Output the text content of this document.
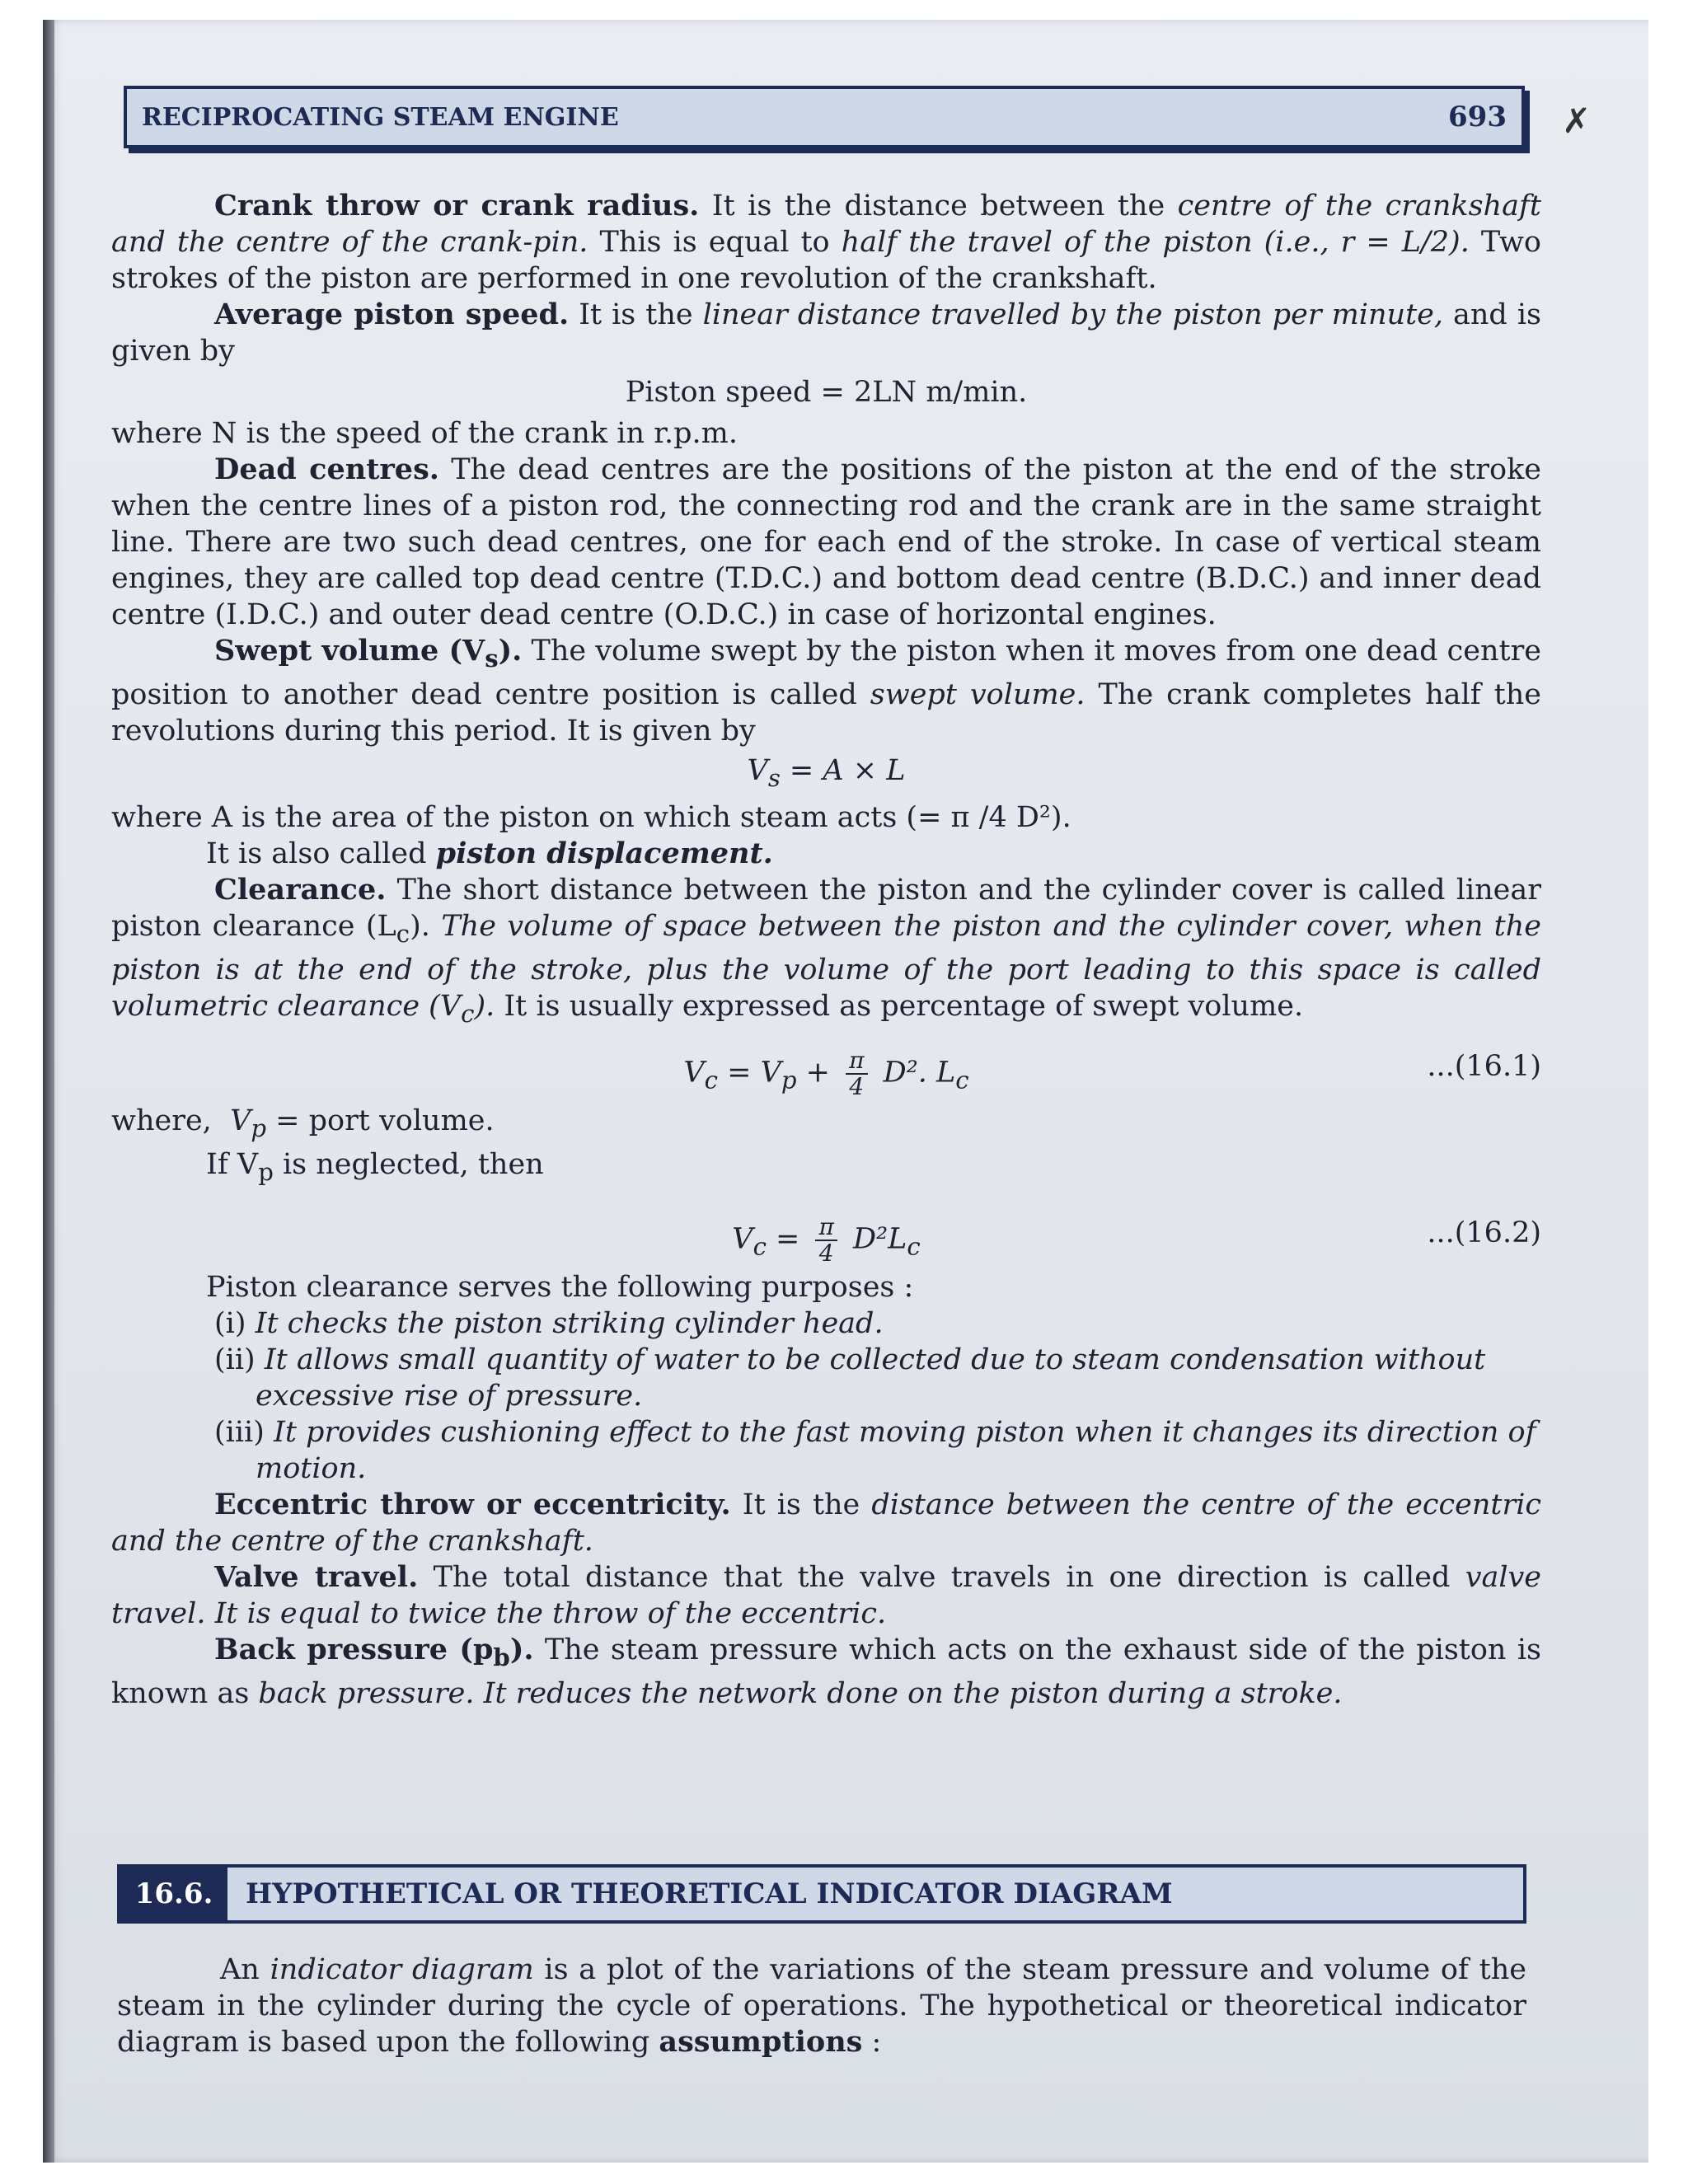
RECIPROCATING STEAM ENGINE	693 ✗

Crank throw or crank radius. It is the distance between the centre of the crankshaft and the centre of the crank-pin. This is equal to half the travel of the piston (i.e., r = L/2). Two strokes of the piston are performed in one revolution of the crankshaft.

Average piston speed. It is the linear distance travelled by the piston per minute, and is given by

Piston speed = 2LN m/min.

where N is the speed of the crank in r.p.m.

Dead centres. The dead centres are the positions of the piston at the end of the stroke when the centre lines of a piston rod, the connecting rod and the crank are in the same straight line. There are two such dead centres, one for each end of the stroke. In case of vertical steam engines, they are called top dead centre (T.D.C.) and bottom dead centre (B.D.C.) and inner dead centre (I.D.C.) and outer dead centre (O.D.C.) in case of horizontal engines.

Swept volume $(V_s)$. The volume swept by the piston when it moves from one dead centre position to another dead centre position is called swept volume. The crank completes half the revolutions during this period. It is given by

$V_s = A \times L$

where A is the area of the piston on which steam acts (= π /4 D²).

It is also called piston displacement.

Clearance. The short distance between the piston and the cylinder cover is called linear piston clearance $(L_c)$. The volume of space between the piston and the cylinder cover, when the piston is at the end of the stroke, plus the volume of the port leading to this space is called volumetric clearance $(V_c)$. It is usually expressed as percentage of swept volume.

$V_c = V_p + \frac{\pi}{4} D^2$. $L_c$	...(16.1)

where, $V_p$ = port volume.

If $V_p$ is neglected, then

$V_c = \frac{\pi}{4} D^2L_c$	...(16.2)

Piston clearance serves the following purposes :

(i) It checks the piston striking cylinder head.

(ii) It allows small quantity of water to be collected due to steam condensation without
excessive rise of pressure.

(iii) It provides cushioning effect to the fast moving piston when it changes its direction of
motion.

Eccentric throw or eccentricity. It is the distance between the centre of the eccentric and the centre of the crankshaft.

Valve travel. The total distance that the valve travels in one direction is called valve travel. It is equal to twice the throw of the eccentric.

Back pressure $(p_b)$. The steam pressure which acts on the exhaust side of the piston is known as back pressure. It reduces the network done on the piston during a stroke.

16.6.	HYPOTHETICAL OR THEORETICAL INDICATOR DIAGRAM

An indicator diagram is a plot of the variations of the steam pressure and volume of the steam in the cylinder during the cycle of operations. The hypothetical or theoretical indicator diagram is based upon the following assumptions :
